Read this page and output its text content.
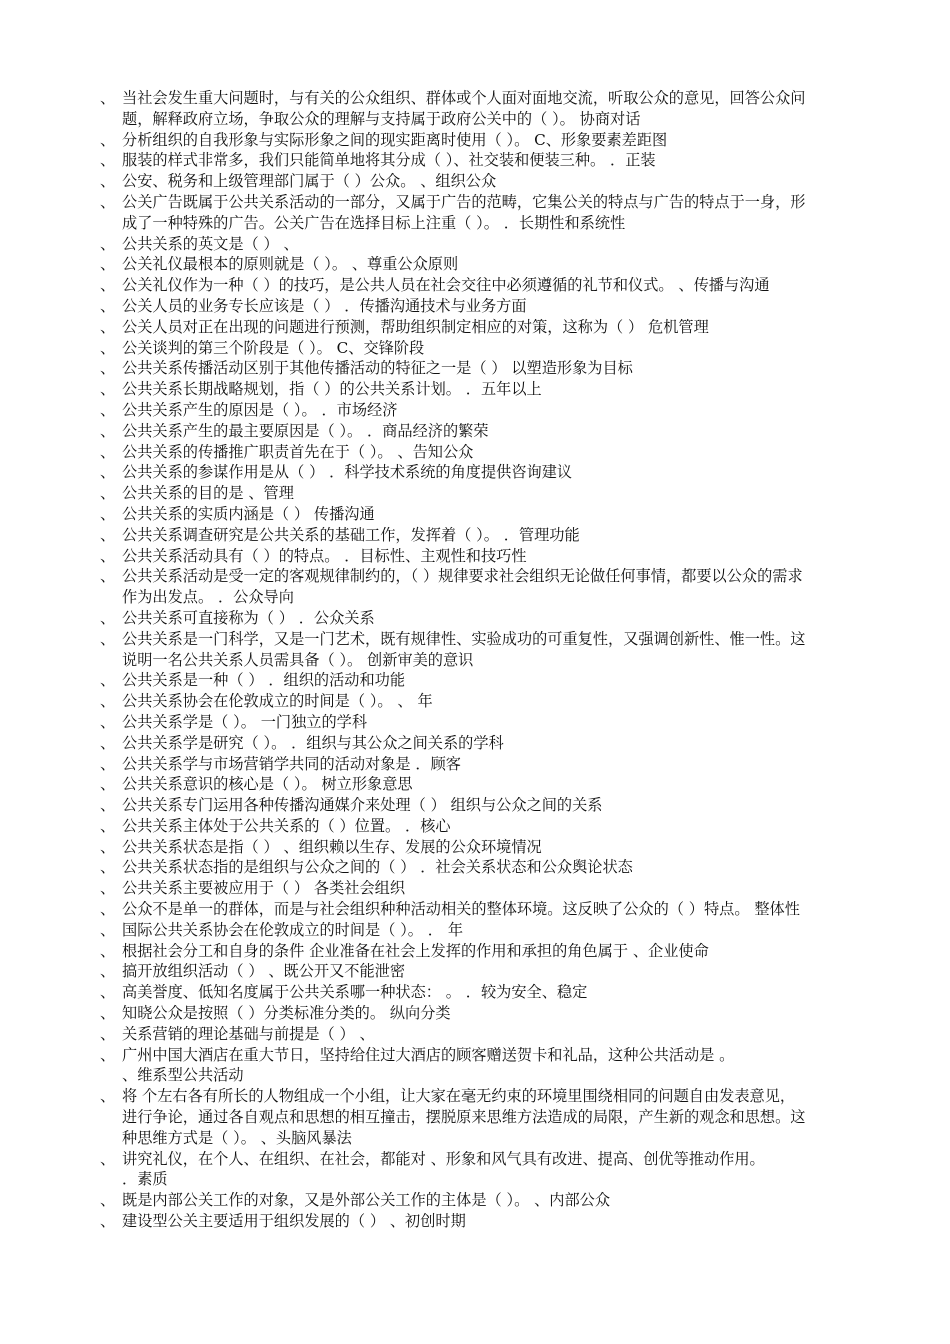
、 当社会发生重大问题时，与有关的公众组织、群体或个人面对面地交流，听取公众的意见，回答公众问
题，解释政府立场，争取公众的理解与支持属于政府公关中的（ ）。 协商对话
、 分析组织的自我形象与实际形象之间的现实距离时使用（ ）。 C、形象要素差距图
、 服装的样式非常多，我们只能简单地将其分成（ ）、社交装和便装三种。 ．正装
、 公安、税务和上级管理部门属于（ ）公众。 、组织公众
、 公关广告既属于公共关系活动的一部分，又属于广告的范畴，它集公关的特点与广告的特点于一身，形
成了一种特殊的广告。公关广告在选择目标上注重（ ）。 ．长期性和系统性
、 公共关系的英文是（ ） 、
、 公关礼仪最根本的原则就是（ ）。 、尊重公众原则
、 公关礼仪作为一种（ ）的技巧，是公共人员在社会交往中必须遵循的礼节和仪式。 、传播与沟通
、 公关人员的业务专长应该是（ ） ．传播沟通技术与业务方面
、 公关人员对正在出现的问题进行预测，帮助组织制定相应的对策，这称为（ ） 危机管理
、 公关谈判的第三个阶段是（ ）。 C、交锋阶段
、 公共关系传播活动区别于其他传播活动的特征之一是（ ） 以塑造形象为目标
、 公共关系长期战略规划，指（ ）的公共关系计划。 ．五年以上
、 公共关系产生的原因是（ ）。 ．市场经济
、 公共关系产生的最主要原因是（ ）。 ．商品经济的繁荣
、 公共关系的传播推广职责首先在于（ ）。 、告知公众
、 公共关系的参谋作用是从（ ） ．科学技术系统的角度提供咨询建议
、 公共关系的目的是 、管理
、 公共关系的实质内涵是（ ） 传播沟通
、 公共关系调查研究是公共关系的基础工作，发挥着（ ）。 ．管理功能
、 公共关系活动具有（ ）的特点。 ．目标性、主观性和技巧性
、 公共关系活动是受一定的客观规律制约的，（ ）规律要求社会组织无论做任何事情，都要以公众的需求
作为出发点。 ．公众导向
、 公共关系可直接称为（ ） ．公众关系
、 公共关系是一门科学，又是一门艺术，既有规律性、实验成功的可重复性，又强调创新性、惟一性。这
说明一名公共关系人员需具备（ ）。 创新审美的意识
、 公共关系是一种（ ） ．组织的活动和功能
、 公共关系协会在伦敦成立的时间是（ ）。 、 年
、 公共关系学是（ ）。 一门独立的学科
、 公共关系学是研究（ ）。 ．组织与其公众之间关系的学科
、 公共关系学与市场营销学共同的活动对象是 ．顾客
、 公共关系意识的核心是（ ）。 树立形象意思
、 公共关系专门运用各种传播沟通媒介来处理（ ） 组织与公众之间的关系
、 公共关系主体处于公共关系的（ ）位置。 ．核心
、 公共关系状态是指（ ） 、组织赖以生存、发展的公众环境情况
、 公共关系状态指的是组织与公众之间的（ ） ．社会关系状态和公众舆论状态
、 公共关系主要被应用于（ ） 各类社会组织
、 公众不是单一的群体，而是与社会组织种种活动相关的整体环境。这反映了公众的（ ）特点。 整体性
、 国际公共关系协会在伦敦成立的时间是（ ）。 ． 年
、 根据社会分工和自身的条件 企业准备在社会上发挥的作用和承担的角色属于 、企业使命
、 搞开放组织活动（ ） 、既公开又不能泄密
、 高美誉度、低知名度属于公共关系哪一种状态： 。 ．较为安全、稳定
、 知晓公众是按照（ ）分类标准分类的。 纵向分类
、 关系营销的理论基础与前提是（ ） 、
、 广州中国大酒店在重大节日，坚持给住过大酒店的顾客赠送贺卡和礼品，这种公共活动是 。
、维系型公共活动
、 将 个左右各有所长的人物组成一个小组，让大家在毫无约束的环境里围绕相同的问题自由发表意见，
进行争论，通过各自观点和思想的相互撞击，摆脱原来思维方法造成的局限，产生新的观念和思想。这
种思维方式是（ ）。 、头脑风暴法
、 讲究礼仪，在个人、在组织、在社会，都能对 、形象和风气具有改进、提高、创优等推动作用。
．素质
、 既是内部公关工作的对象，又是外部公关工作的主体是（ ）。 、内部公众
、 建设型公关主要适用于组织发展的（ ） 、初创时期
